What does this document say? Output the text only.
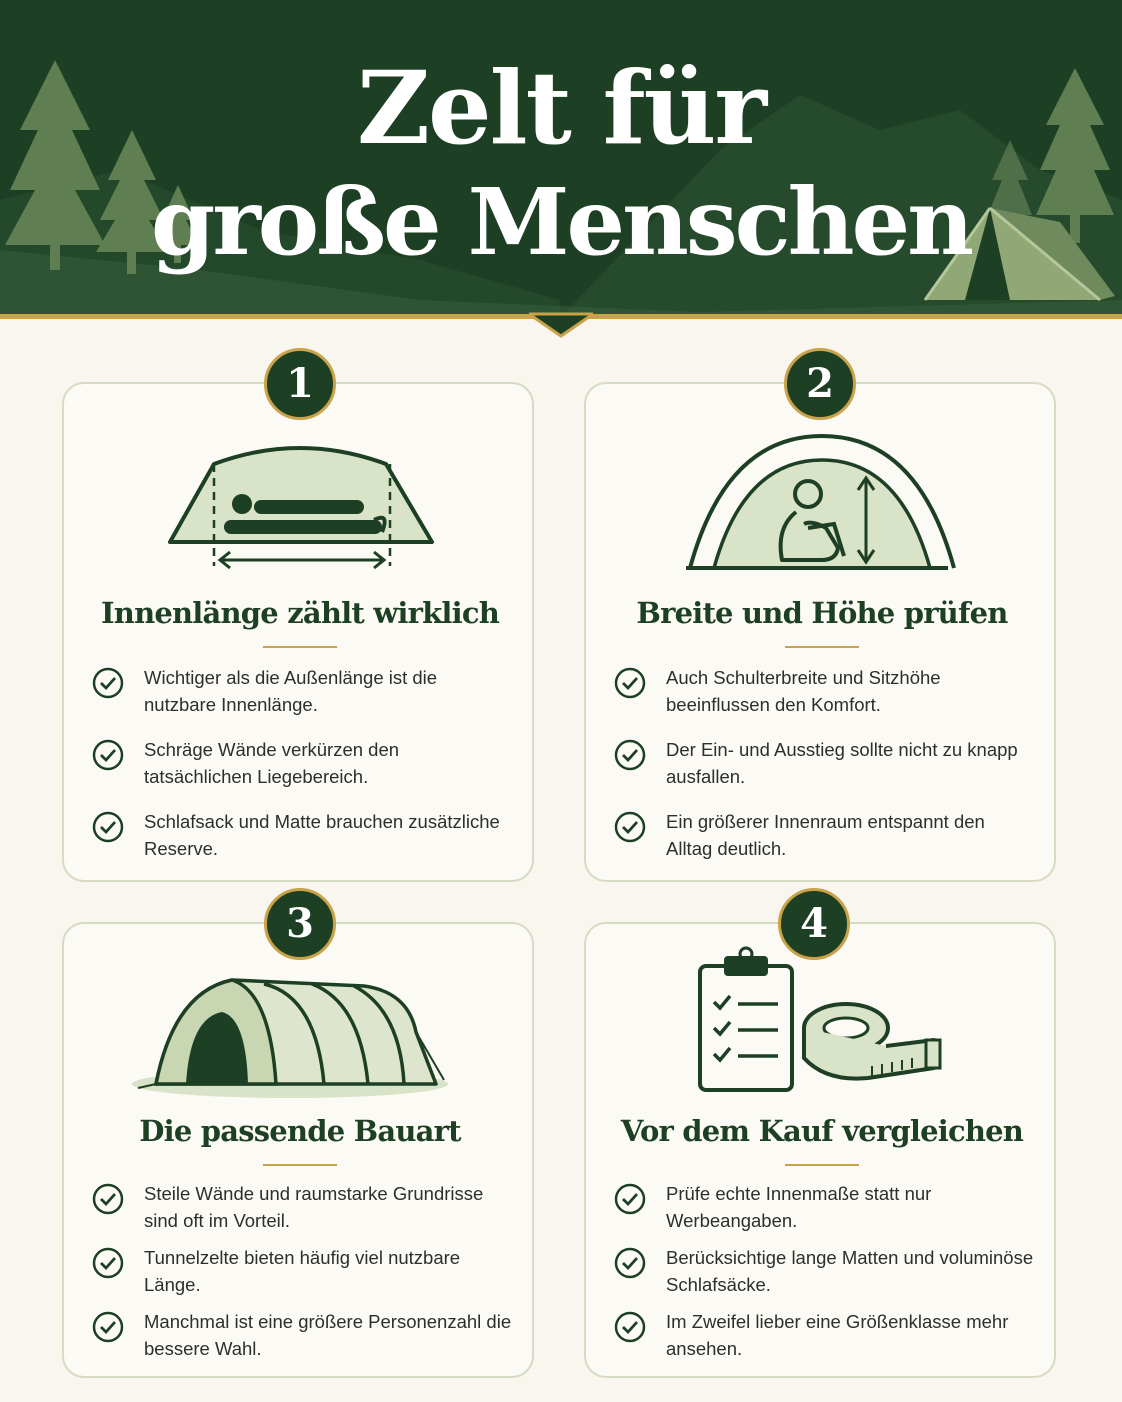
Zelt für
große Menschen
1
Innenlänge zählt wirklich
Wichtiger als die Außenlänge ist die nutzbare Innenlänge.
Schräge Wände verkürzen den tatsächlichen Liegebereich.
Schlafsack und Matte brauchen zusätzliche Reserve.
2
Breite und Höhe prüfen
Auch Schulterbreite und Sitzhöhe beeinflussen den Komfort.
Der Ein- und Ausstieg sollte nicht zu knapp ausfallen.
Ein größerer Innenraum entspannt den Alltag deutlich.
3
Die passende Bauart
Steile Wände und raumstarke Grundrisse sind oft im Vorteil.
Tunnelzelte bieten häufig viel nutzbare Länge.
Manchmal ist eine größere Personenzahl die bessere Wahl.
4
Vor dem Kauf vergleichen
Prüfe echte Innenmaße statt nur Werbeangaben.
Berücksichtige lange Matten und voluminöse Schlafsäcke.
Im Zweifel lieber eine Größenklasse mehr ansehen.
